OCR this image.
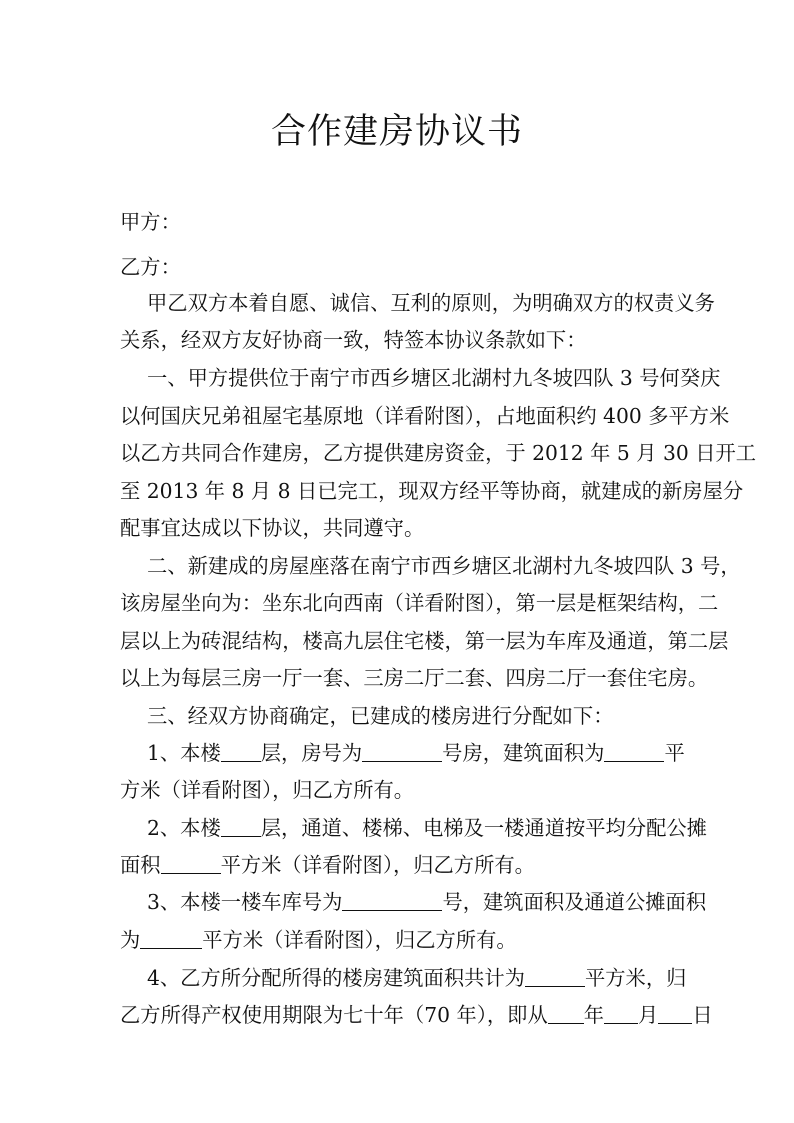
合作建房协议书
甲方：
乙方：
甲乙双方本着自愿、诚信、互利的原则，为明确双方的权责义务
关系，经双方友好协商一致，特签本协议条款如下：
一、甲方提供位于南宁市西乡塘区北湖村九冬坡四队 3 号何癸庆
以何国庆兄弟祖屋宅基原地（详看附图），占地面积约 400 多平方米
以乙方共同合作建房，乙方提供建房资金，于 2012 年 5 月 30 日开工
至 2013 年 8 月 8 日已完工，现双方经平等协商，就建成的新房屋分
配事宜达成以下协议，共同遵守。
二、新建成的房屋座落在南宁市西乡塘区北湖村九冬坡四队 3 号，
该房屋坐向为：坐东北向西南（详看附图），第一层是框架结构，二
层以上为砖混结构，楼高九层住宅楼，第一层为车库及通道，第二层
以上为每层三房一厅一套、三房二厅二套、四房二厅一套住宅房。
三、经双方协商确定，已建成的楼房进行分配如下：
1、本楼 层，房号为	号房，建筑面积为	平
方米（详看附图），归乙方所有。
2、本楼 层，通道、楼梯、电梯及一楼通道按平均分配公摊
面积	平方米（详看附图），归乙方所有。
3、本楼一楼车库号为	号，建筑面积及通道公摊面积
为	平方米（详看附图），归乙方所有。
4、乙方所分配所得的楼房建筑面积共计为	平方米，归
乙方所得产权使用期限为七十年（70 年），即从 年 月 日
